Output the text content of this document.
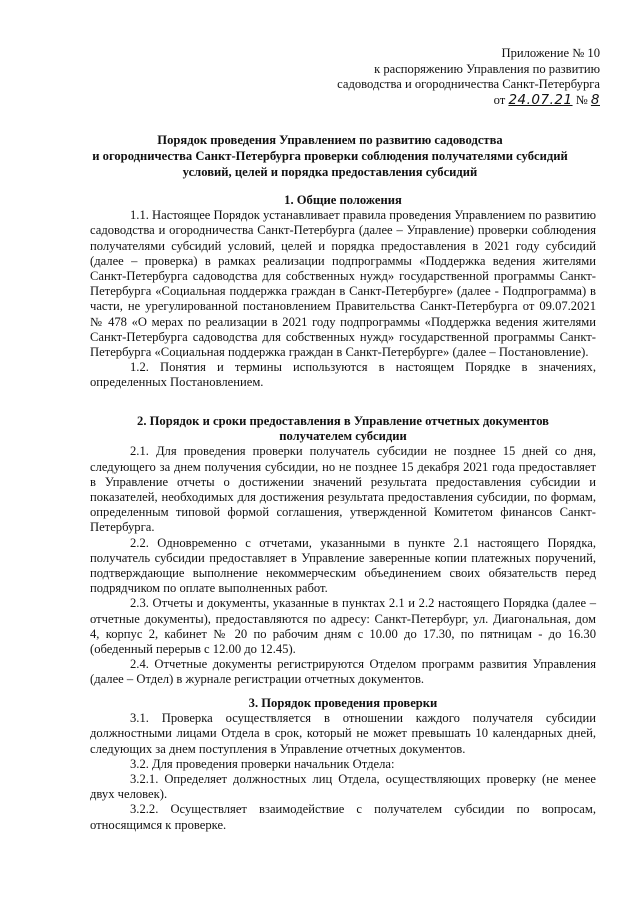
Приложение № 10
к распоряжению Управления по развитию
садоводства и огородничества Санкт-Петербурга
от 24.07.21 № 8
Порядок проведения Управлением по развитию садоводства
и огородничества Санкт-Петербурга проверки соблюдения получателями субсидий
условий, целей и порядка предоставления субсидий
1. Общие положения

1.1. Настоящее Порядок устанавливает правила проведения Управлением по развитию садоводства и огородничества Санкт-Петербурга (далее – Управление) проверки соблюдения получателями субсидий условий, целей и порядка предоставления в 2021 году субсидий (далее – проверка) в рамках реализации подпрограммы «Поддержка ведения жителями Санкт-Петербурга садоводства для собственных нужд» государственной программы Санкт-Петербурга «Социальная поддержка граждан в Санкт-Петербурге» (далее - Подпрограмма) в части, не урегулированной постановлением Правительства Санкт-Петербурга от 09.07.2021 № 478 «О мерах по реализации в 2021 году подпрограммы «Поддержка ведения жителями Санкт-Петербурга садоводства для собственных нужд» государственной программы Санкт-Петербурга «Социальная поддержка граждан в Санкт-Петербурге» (далее – Постановление).

1.2. Понятия и термины используются в настоящем Порядке в значениях, определенных Постановлением.

2. Порядок и сроки предоставления в Управление отчетных документов получателем субсидии

2.1. Для проведения проверки получатель субсидии не позднее 15 дней со дня, следующего за днем получения субсидии, но не позднее 15 декабря 2021 года предоставляет в Управление отчеты о достижении значений результата предоставления субсидии и показателей, необходимых для достижения результата предоставления субсидии, по формам, определенным типовой формой соглашения, утвержденной Комитетом финансов Санкт-Петербурга.

2.2. Одновременно с отчетами, указанными в пункте 2.1 настоящего Порядка, получатель субсидии предоставляет в Управление заверенные копии платежных поручений, подтверждающие выполнение некоммерческим объединением своих обязательств перед подрядчиком по оплате выполненных работ.

2.3. Отчеты и документы, указанные в пунктах 2.1 и 2.2 настоящего Порядка (далее – отчетные документы), предоставляются по адресу: Санкт-Петербург, ул. Диагональная, дом 4, корпус 2, кабинет № 20 по рабочим дням с 10.00 до 17.30, по пятницам - до 16.30 (обеденный перерыв с 12.00 до 12.45).

2.4. Отчетные документы регистрируются Отделом программ развития Управления (далее – Отдел) в журнале регистрации отчетных документов.

3. Порядок проведения проверки

3.1. Проверка осуществляется в отношении каждого получателя субсидии должностными лицами Отдела в срок, который не может превышать 10 календарных дней, следующих за днем поступления в Управление отчетных документов.

3.2. Для проведения проверки начальник Отдела:

3.2.1. Определяет должностных лиц Отдела, осуществляющих проверку (не менее двух человек).

3.2.2. Осуществляет взаимодействие с получателем субсидии по вопросам, относящимся к проверке.
